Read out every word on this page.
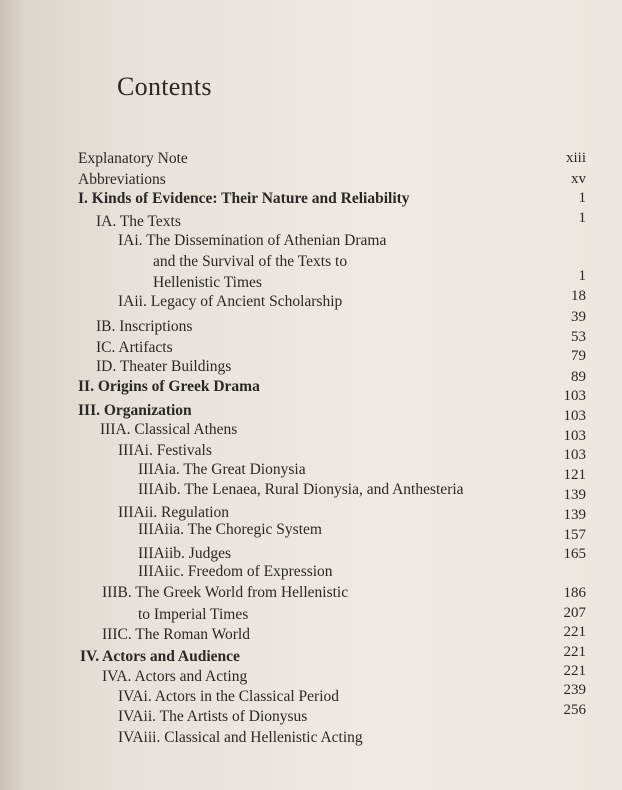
Contents
Explanatory Note
Abbreviations
I. Kinds of Evidence: Their Nature and Reliability
IA. The Texts
IAi. The Dissemination of Athenian Drama
and the Survival of the Texts to
Hellenistic Times
IAii. Legacy of Ancient Scholarship
IB. Inscriptions
IC. Artifacts
ID. Theater Buildings
II. Origins of Greek Drama
III. Organization
IIIA. Classical Athens
IIIAi. Festivals
IIIAia. The Great Dionysia
IIIAib. The Lenaea, Rural Dionysia, and Anthesteria
IIIAii. Regulation
IIIAiia. The Choregic System
IIIAiib. Judges
IIIAiic. Freedom of Expression
IIIB. The Greek World from Hellenistic
to Imperial Times
IIIC. The Roman World
IV. Actors and Audience
IVA. Actors and Acting
IVAi. Actors in the Classical Period
IVAii. The Artists of Dionysus
IVAiii. Classical and Hellenistic Acting
xiii
xv
1
1
1
18
39
53
79
89
103
103
103
103
121
139
139
157
165
186
207
221
221
221
239
256
